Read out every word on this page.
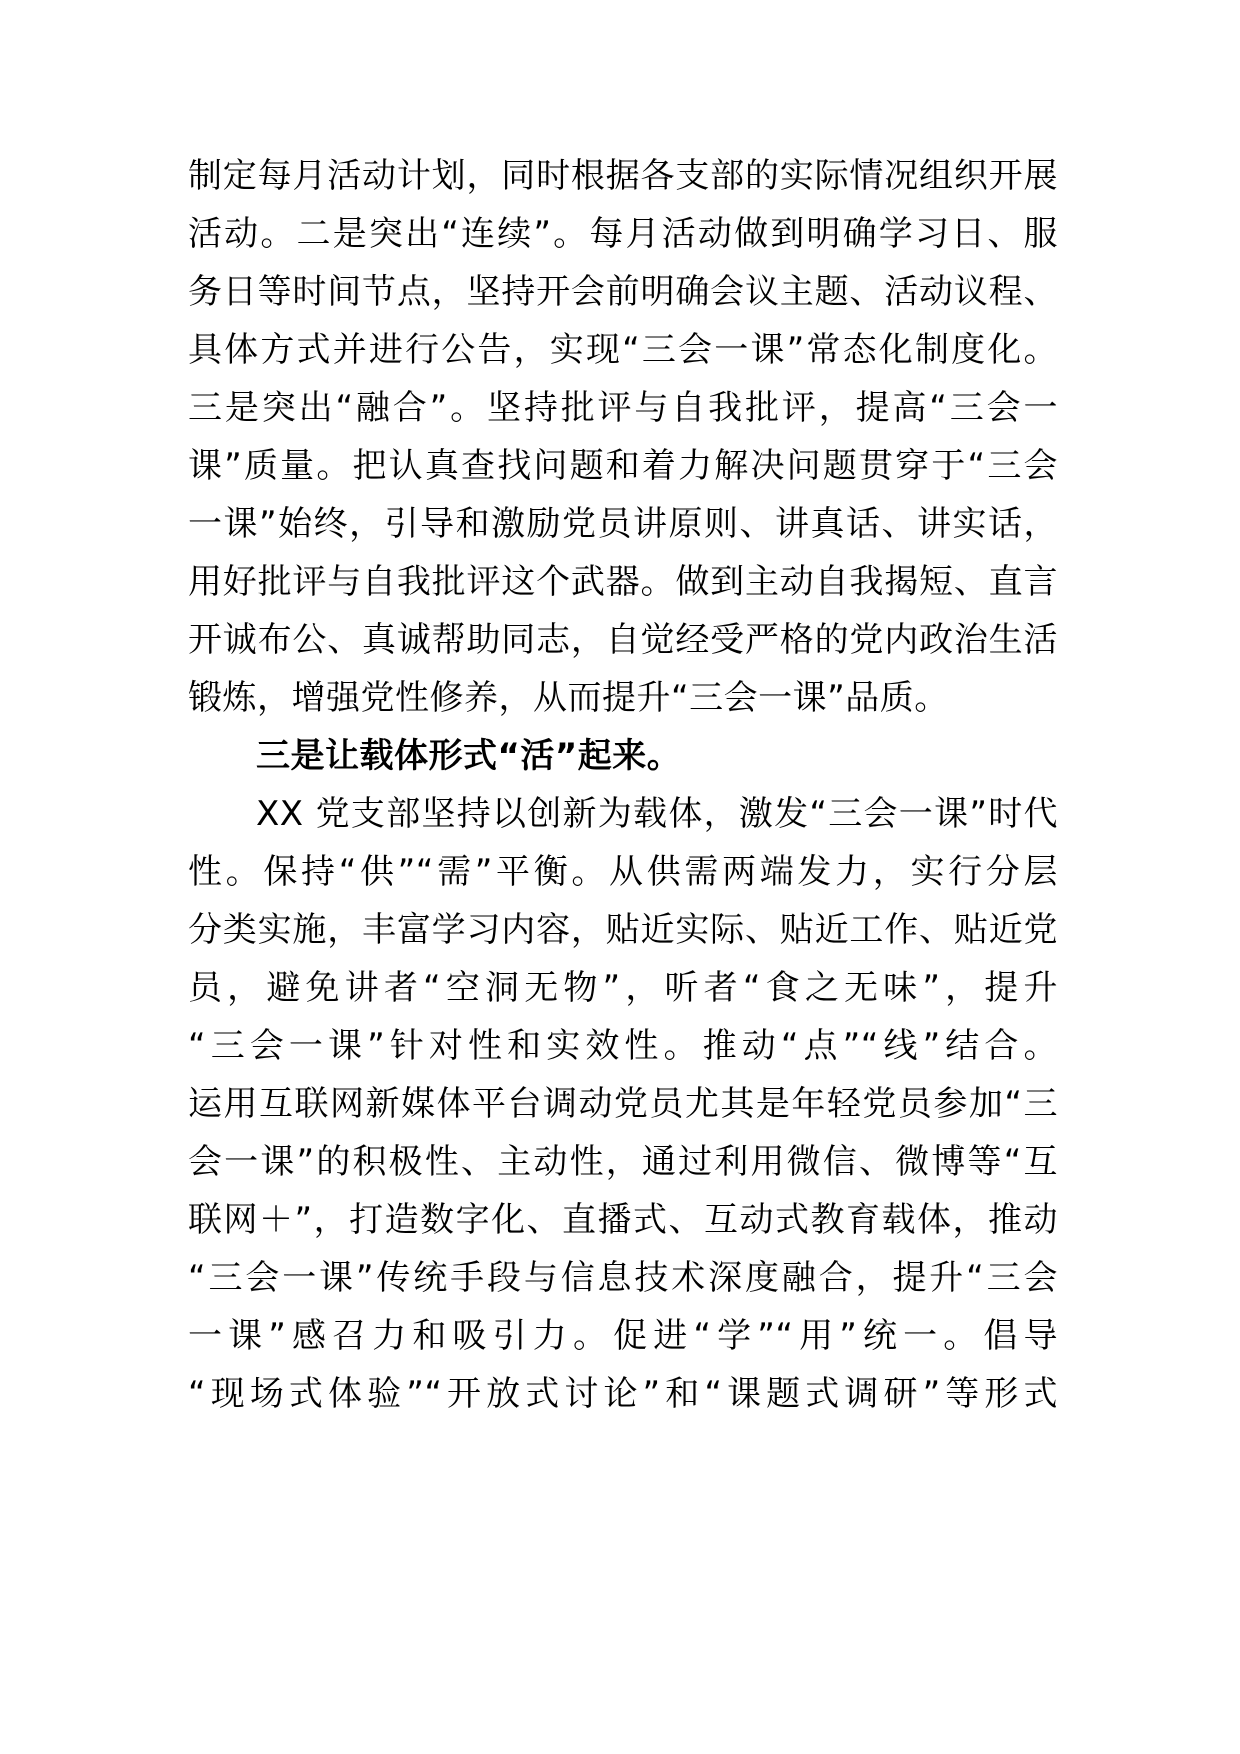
制定每月活动计划，同时根据各支部的实际情况组织开展
活动。二是突出“连续”。每月活动做到明确学习日、服
务日等时间节点，坚持开会前明确会议主题、活动议程、
具体方式并进行公告，实现“三会一课”常态化制度化。
三是突出“融合”。坚持批评与自我批评，提高“三会一
课”质量。把认真查找问题和着力解决问题贯穿于“三会
一课”始终，引导和激励党员讲原则、讲真话、讲实话，
用好批评与自我批评这个武器。做到主动自我揭短、直言
开诚布公、真诚帮助同志，自觉经受严格的党内政治生活
锻炼，增强党性修养，从而提升“三会一课”品质。
三是让载体形式“活”起来。
XX 党支部坚持以创新为载体，激发“三会一课”时代
性。保持“供”“需”平衡。从供需两端发力，实行分层
分类实施，丰富学习内容，贴近实际、贴近工作、贴近党
员，避免讲者“空洞无物”，听者“食之无味”，提升
“三会一课”针对性和实效性。推动“点”“线”结合。
运用互联网新媒体平台调动党员尤其是年轻党员参加“三
会一课”的积极性、主动性，通过利用微信、微博等“互
联网＋”，打造数字化、直播式、互动式教育载体，推动
“三会一课”传统手段与信息技术深度融合，提升“三会
一课”感召力和吸引力。促进“学”“用”统一。倡导
“现场式体验”“开放式讨论”和“课题式调研”等形式
